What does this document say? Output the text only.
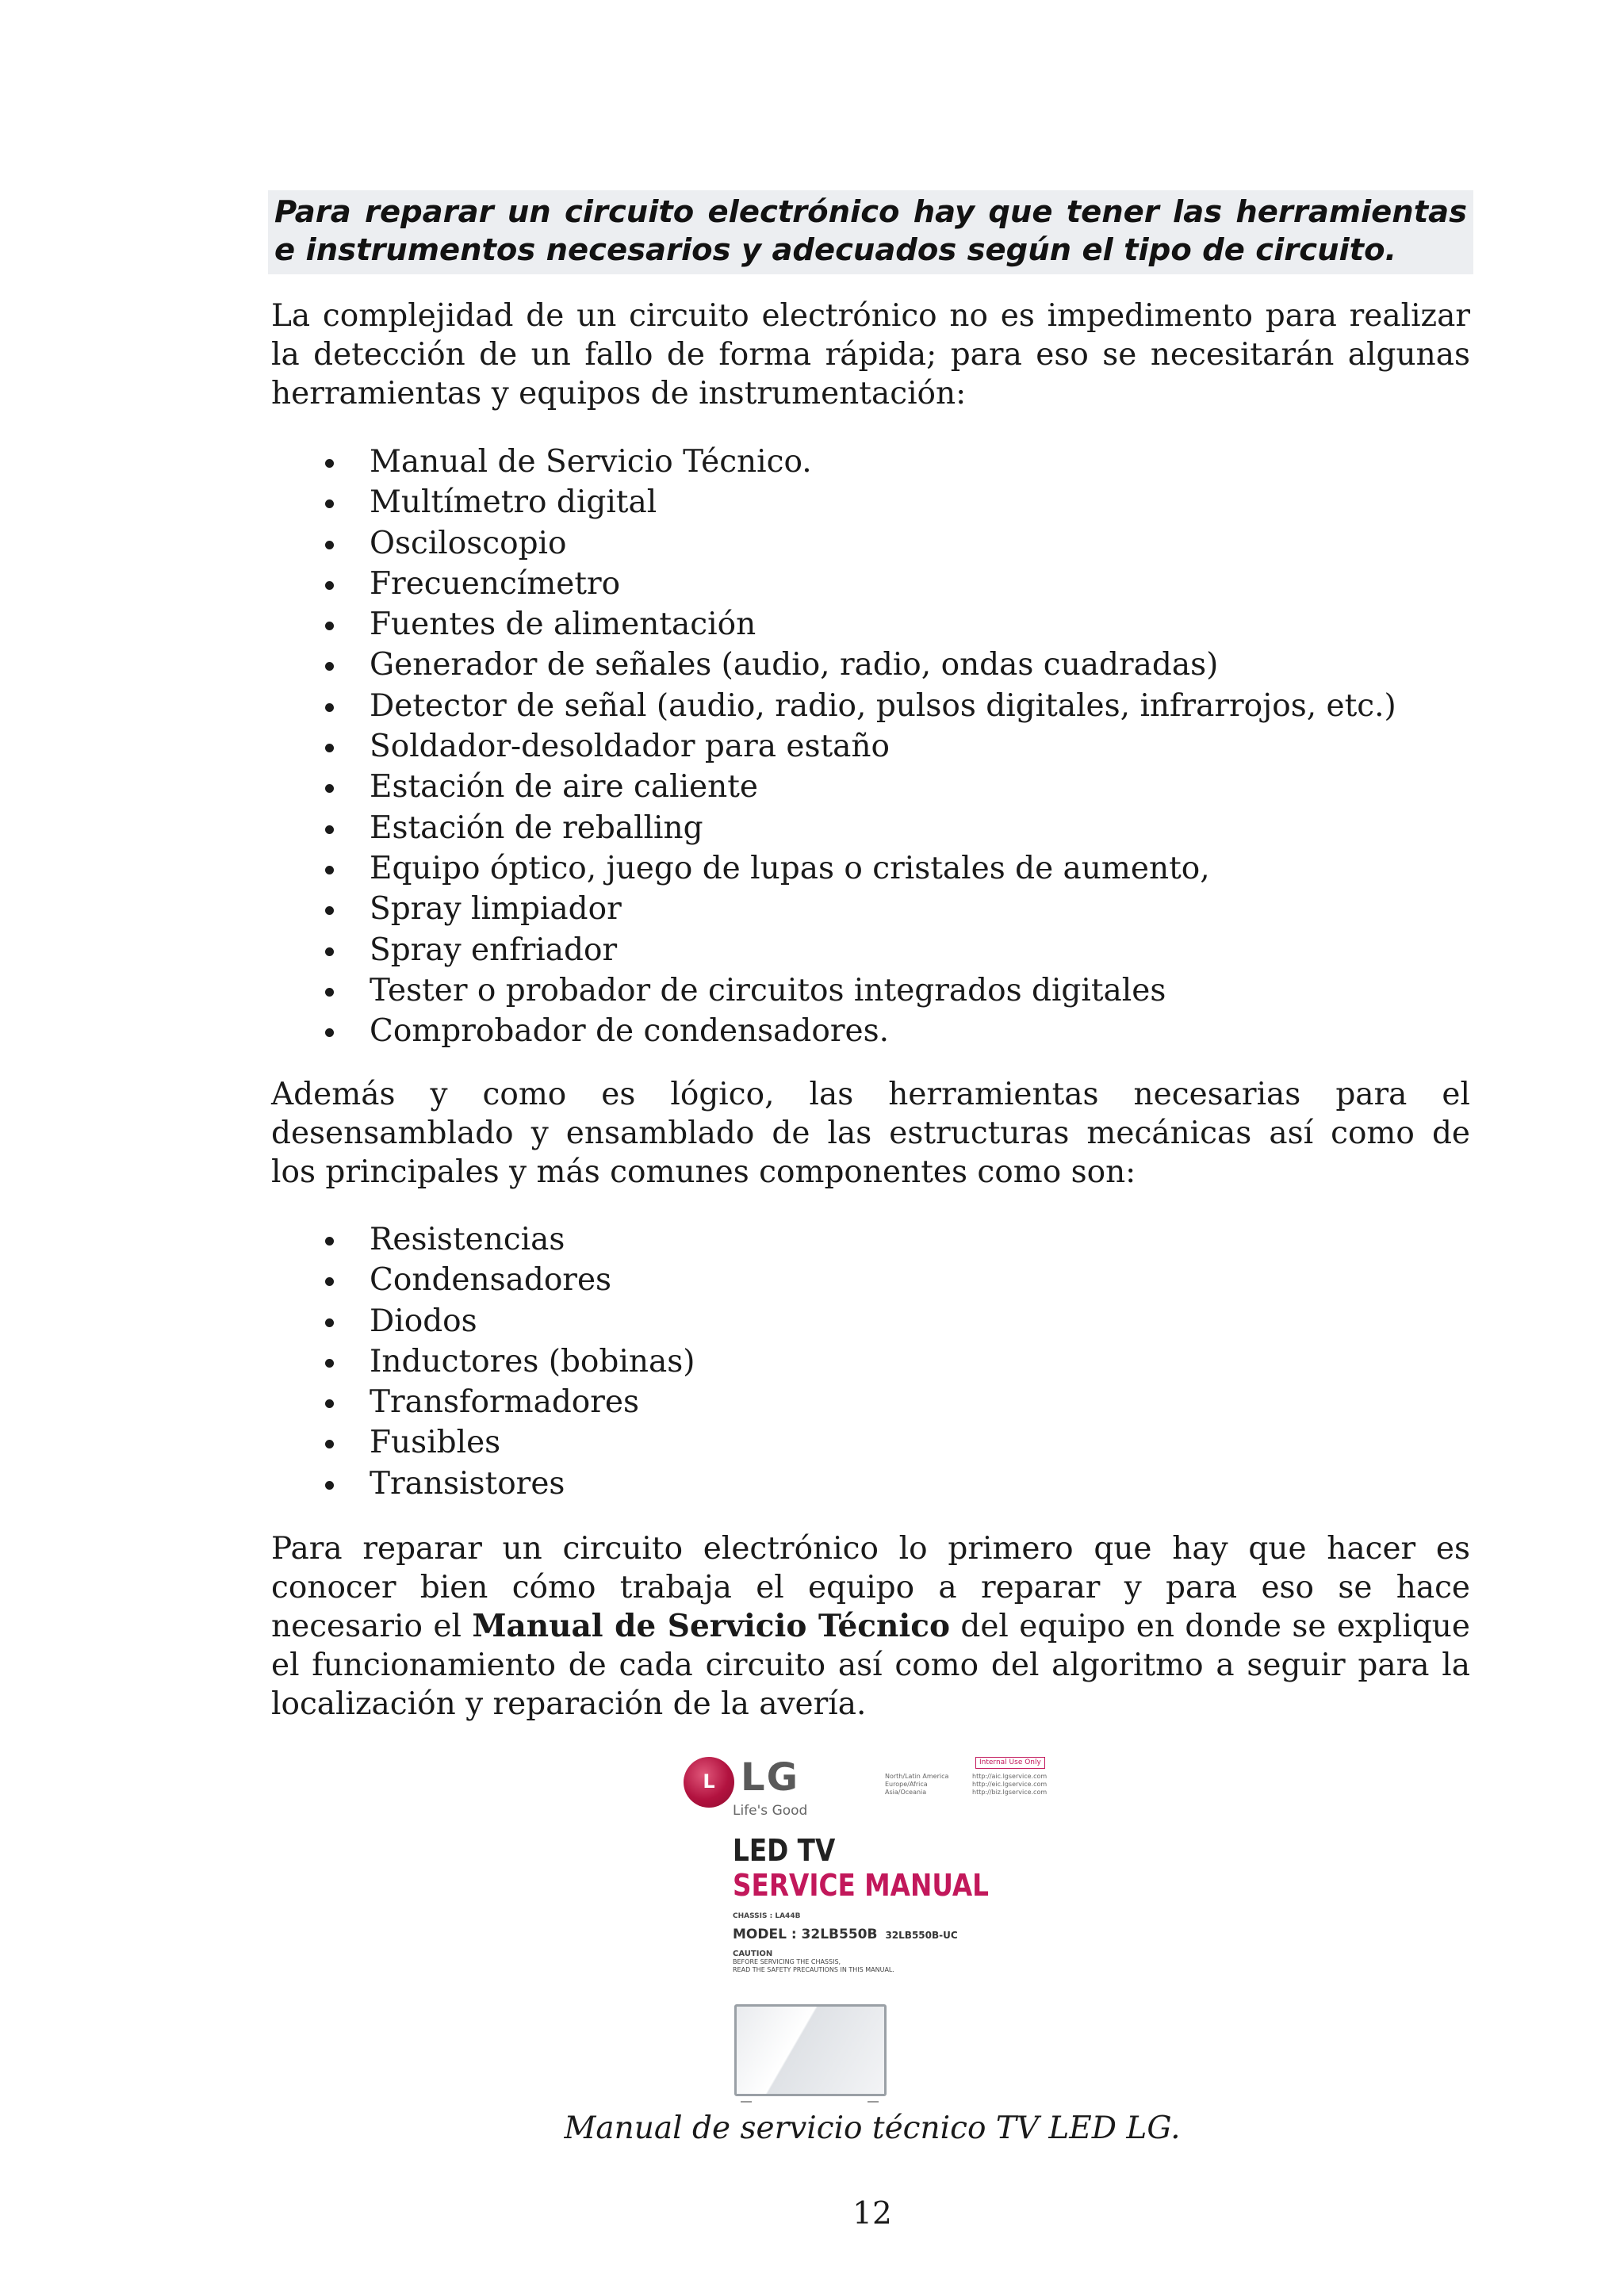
Para reparar un circuito electrónico hay que tener las herramientas
e instrumentos necesarios y adecuados según el tipo de circuito.

La complejidad de un circuito electrónico no es impedimento para realizar
la detección de un fallo de forma rápida; para eso se necesitarán algunas
herramientas y equipos de instrumentación:

Manual de Servicio Técnico.
Multímetro digital
Osciloscopio
Frecuencímetro
Fuentes de alimentación
Generador de señales (audio, radio, ondas cuadradas)
Detector de señal (audio, radio, pulsos digitales, infrarrojos, etc.)
Soldador-desoldador para estaño
Estación de aire caliente
Estación de reballing
Equipo óptico, juego de lupas o cristales de aumento,
Spray limpiador
Spray enfriador
Tester o probador de circuitos integrados digitales
Comprobador de condensadores.

Además y como es lógico, las herramientas necesarias para el
desensamblado y ensamblado de las estructuras mecánicas así como de
los principales y más comunes componentes como son:

Resistencias
Condensadores
Diodos
Inductores (bobinas)
Transformadores
Fusibles
Transistores

Para reparar un circuito electrónico lo primero que hay que hacer es
conocer bien cómo trabaja el equipo a reparar y para eso se hace
necesario el Manual de Servicio Técnico del equipo en donde se explique
el funcionamiento de cada circuito así como del algoritmo a seguir para la
localización y reparación de la avería.

L LG
Life's Good
Internal Use Only
North/Latin America
Europe/Africa
Asia/Oceania
http://aic.lgservice.com
http://eic.lgservice.com
http://biz.lgservice.com
LED TV
SERVICE MANUAL
CHASSIS : LA44B
MODEL : 32LB550B 32LB550B-UC
CAUTION
BEFORE SERVICING THE CHASSIS,
READ THE SAFETY PRECAUTIONS IN THIS MANUAL.
Manual de servicio técnico TV LED LG.
12
